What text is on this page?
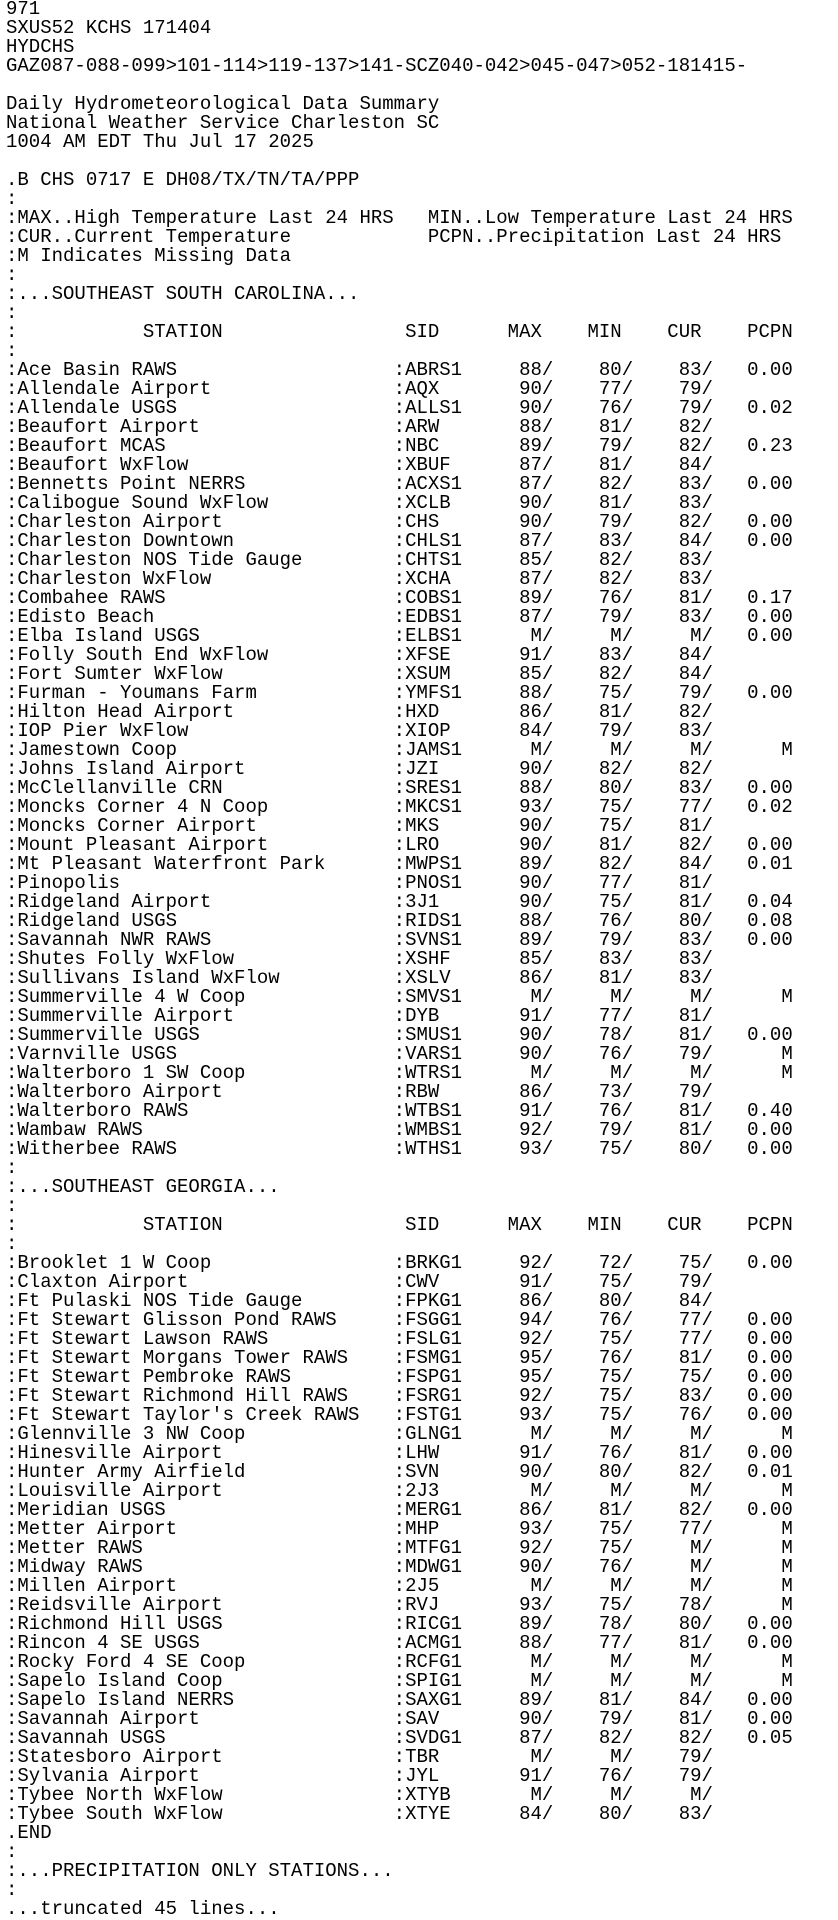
971
SXUS52 KCHS 171404
HYDCHS
GAZ087-088-099>101-114>119-137>141-SCZ040-042>045-047>052-181415-

Daily Hydrometeorological Data Summary
National Weather Service Charleston SC
1004 AM EDT Thu Jul 17 2025

.B CHS 0717 E DH08/TX/TN/TA/PPP
:
:MAX..High Temperature Last 24 HRS   MIN..Low Temperature Last 24 HRS
:CUR..Current Temperature            PCPN..Precipitation Last 24 HRS
:M Indicates Missing Data
:
:...SOUTHEAST SOUTH CAROLINA...
:
:           STATION                SID      MAX    MIN    CUR    PCPN
:
:Ace Basin RAWS                   :ABRS1     88/    80/    83/   0.00
:Allendale Airport                :AQX       90/    77/    79/
:Allendale USGS                   :ALLS1     90/    76/    79/   0.02
:Beaufort Airport                 :ARW       88/    81/    82/
:Beaufort MCAS                    :NBC       89/    79/    82/   0.23
:Beaufort WxFlow                  :XBUF      87/    81/    84/
:Bennetts Point NERRS             :ACXS1     87/    82/    83/   0.00
:Calibogue Sound WxFlow           :XCLB      90/    81/    83/
:Charleston Airport               :CHS       90/    79/    82/   0.00
:Charleston Downtown              :CHLS1     87/    83/    84/   0.00
:Charleston NOS Tide Gauge        :CHTS1     85/    82/    83/
:Charleston WxFlow                :XCHA      87/    82/    83/
:Combahee RAWS                    :COBS1     89/    76/    81/   0.17
:Edisto Beach                     :EDBS1     87/    79/    83/   0.00
:Elba Island USGS                 :ELBS1      M/     M/     M/   0.00
:Folly South End WxFlow           :XFSE      91/    83/    84/
:Fort Sumter WxFlow               :XSUM      85/    82/    84/
:Furman - Youmans Farm            :YMFS1     88/    75/    79/   0.00
:Hilton Head Airport              :HXD       86/    81/    82/
:IOP Pier WxFlow                  :XIOP      84/    79/    83/
:Jamestown Coop                   :JAMS1      M/     M/     M/      M
:Johns Island Airport             :JZI       90/    82/    82/
:McClellanville CRN               :SRES1     88/    80/    83/   0.00
:Moncks Corner 4 N Coop           :MKCS1     93/    75/    77/   0.02
:Moncks Corner Airport            :MKS       90/    75/    81/
:Mount Pleasant Airport           :LRO       90/    81/    82/   0.00
:Mt Pleasant Waterfront Park      :MWPS1     89/    82/    84/   0.01
:Pinopolis                        :PNOS1     90/    77/    81/
:Ridgeland Airport                :3J1       90/    75/    81/   0.04
:Ridgeland USGS                   :RIDS1     88/    76/    80/   0.08
:Savannah NWR RAWS                :SVNS1     89/    79/    83/   0.00
:Shutes Folly WxFlow              :XSHF      85/    83/    83/
:Sullivans Island WxFlow          :XSLV      86/    81/    83/
:Summerville 4 W Coop             :SMVS1      M/     M/     M/      M
:Summerville Airport              :DYB       91/    77/    81/
:Summerville USGS                 :SMUS1     90/    78/    81/   0.00
:Varnville USGS                   :VARS1     90/    76/    79/      M
:Walterboro 1 SW Coop             :WTRS1      M/     M/     M/      M
:Walterboro Airport               :RBW       86/    73/    79/
:Walterboro RAWS                  :WTBS1     91/    76/    81/   0.40
:Wambaw RAWS                      :WMBS1     92/    79/    81/   0.00
:Witherbee RAWS                   :WTHS1     93/    75/    80/   0.00
:
:...SOUTHEAST GEORGIA...
:
:           STATION                SID      MAX    MIN    CUR    PCPN
:
:Brooklet 1 W Coop                :BRKG1     92/    72/    75/   0.00
:Claxton Airport                  :CWV       91/    75/    79/
:Ft Pulaski NOS Tide Gauge        :FPKG1     86/    80/    84/
:Ft Stewart Glisson Pond RAWS     :FSGG1     94/    76/    77/   0.00
:Ft Stewart Lawson RAWS           :FSLG1     92/    75/    77/   0.00
:Ft Stewart Morgans Tower RAWS    :FSMG1     95/    76/    81/   0.00
:Ft Stewart Pembroke RAWS         :FSPG1     95/    75/    75/   0.00
:Ft Stewart Richmond Hill RAWS    :FSRG1     92/    75/    83/   0.00
:Ft Stewart Taylor's Creek RAWS   :FSTG1     93/    75/    76/   0.00
:Glennville 3 NW Coop             :GLNG1      M/     M/     M/      M
:Hinesville Airport               :LHW       91/    76/    81/   0.00
:Hunter Army Airfield             :SVN       90/    80/    82/   0.01
:Louisville Airport               :2J3        M/     M/     M/      M
:Meridian USGS                    :MERG1     86/    81/    82/   0.00
:Metter Airport                   :MHP       93/    75/    77/      M
:Metter RAWS                      :MTFG1     92/    75/     M/      M
:Midway RAWS                      :MDWG1     90/    76/     M/      M
:Millen Airport                   :2J5        M/     M/     M/      M
:Reidsville Airport               :RVJ       93/    75/    78/      M
:Richmond Hill USGS               :RICG1     89/    78/    80/   0.00
:Rincon 4 SE USGS                 :ACMG1     88/    77/    81/   0.00
:Rocky Ford 4 SE Coop             :RCFG1      M/     M/     M/      M
:Sapelo Island Coop               :SPIG1      M/     M/     M/      M
:Sapelo Island NERRS              :SAXG1     89/    81/    84/   0.00
:Savannah Airport                 :SAV       90/    79/    81/   0.00
:Savannah USGS                    :SVDG1     87/    82/    82/   0.05
:Statesboro Airport               :TBR        M/     M/    79/
:Sylvania Airport                 :JYL       91/    76/    79/
:Tybee North WxFlow               :XTYB       M/     M/     M/
:Tybee South WxFlow               :XTYE      84/    80/    83/
.END
:
:...PRECIPITATION ONLY STATIONS...
:
...truncated 45 lines...
